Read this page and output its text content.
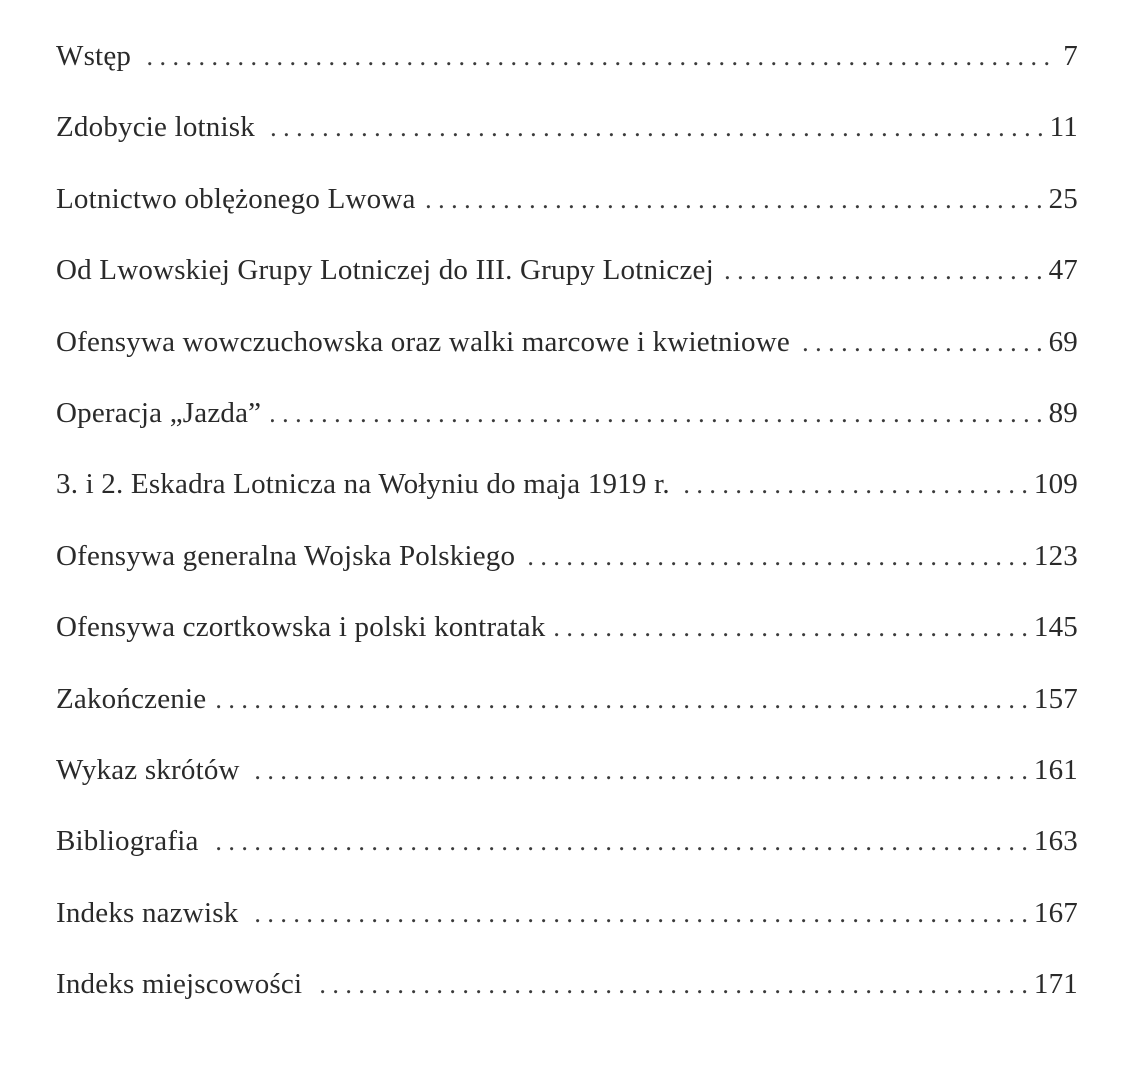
Wstęp . . .	7
Zdobycie lotnisk . . .	11
Lotnictwo oblężonego Lwowa . . .	25
Od Lwowskiej Grupy Lotniczej do III. Grupy Lotniczej . . .	47
Ofensywa wowczuchowska oraz walki marcowe i kwietniowe . . .	69
Operacja „Jazda” . . .	89
3. i 2. Eskadra Lotnicza na Wołyniu do maja 1919 r. . . .	109
Ofensywa generalna Wojska Polskiego . . .	123
Ofensywa czortkowska i polski kontratak . . .	145
Zakończenie . . .	157
Wykaz skrótów . . .	161
Bibliografia . . .	163
Indeks nazwisk . . .	167
Indeks miejscowości . . .	171
